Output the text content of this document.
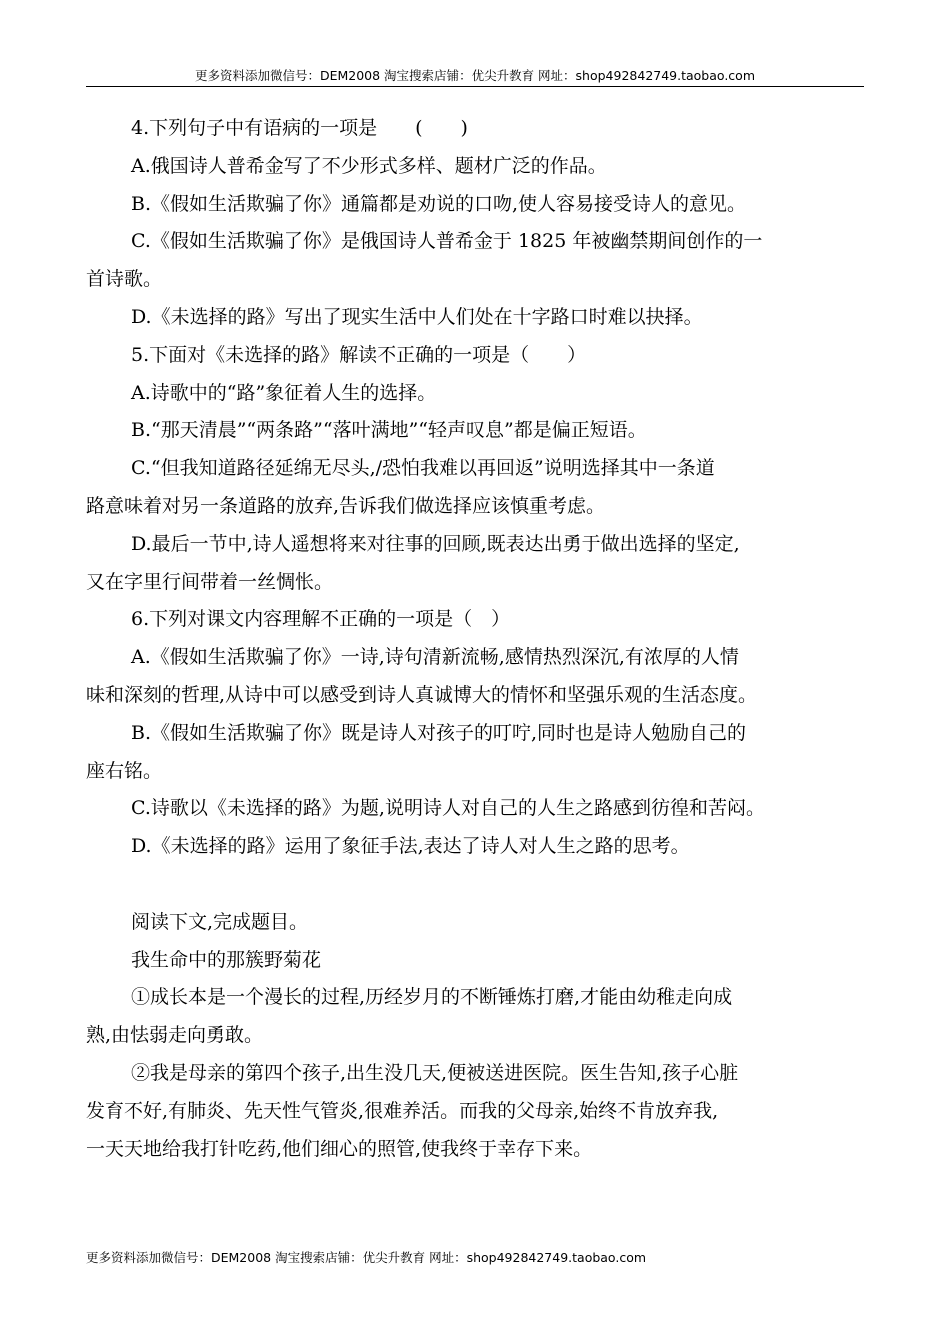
更多资料添加微信号：DEM2008 淘宝搜索店铺：优尖升教育 网址：shop492842749.taobao.com
4.下列句子中有语病的一项是　　(　　)
A.俄国诗人普希金写了不少形式多样、题材广泛的作品。
B.《假如生活欺骗了你》通篇都是劝说的口吻,使人容易接受诗人的意见。
C.《假如生活欺骗了你》是俄国诗人普希金于 1825 年被幽禁期间创作的一
首诗歌。
D.《未选择的路》写出了现实生活中人们处在十字路口时难以抉择。
5.下面对《未选择的路》解读不正确的一项是（　　）
A.诗歌中的“路”象征着人生的选择。
B.“那天清晨”“两条路”“落叶满地”“轻声叹息”都是偏正短语。
C.“但我知道路径延绵无尽头,/恐怕我难以再回返”说明选择其中一条道
路意味着对另一条道路的放弃,告诉我们做选择应该慎重考虑。
D.最后一节中,诗人遥想将来对往事的回顾,既表达出勇于做出选择的坚定,
又在字里行间带着一丝惆怅。
6.下列对课文内容理解不正确的一项是（　）
A.《假如生活欺骗了你》一诗,诗句清新流畅,感情热烈深沉,有浓厚的人情
味和深刻的哲理,从诗中可以感受到诗人真诚博大的情怀和坚强乐观的生活态度。
B.《假如生活欺骗了你》既是诗人对孩子的叮咛,同时也是诗人勉励自己的
座右铭。
C.诗歌以《未选择的路》为题,说明诗人对自己的人生之路感到彷徨和苦闷。
D.《未选择的路》运用了象征手法,表达了诗人对人生之路的思考。
阅读下文,完成题目。
我生命中的那簇野菊花
①成长本是一个漫长的过程,历经岁月的不断锤炼打磨,才能由幼稚走向成
熟,由怯弱走向勇敢。
②我是母亲的第四个孩子,出生没几天,便被送进医院。医生告知,孩子心脏
发育不好,有肺炎、先天性气管炎,很难养活。而我的父母亲,始终不肯放弃我,
一天天地给我打针吃药,他们细心的照管,使我终于幸存下来。
更多资料添加微信号：DEM2008 淘宝搜索店铺：优尖升教育 网址：shop492842749.taobao.com
